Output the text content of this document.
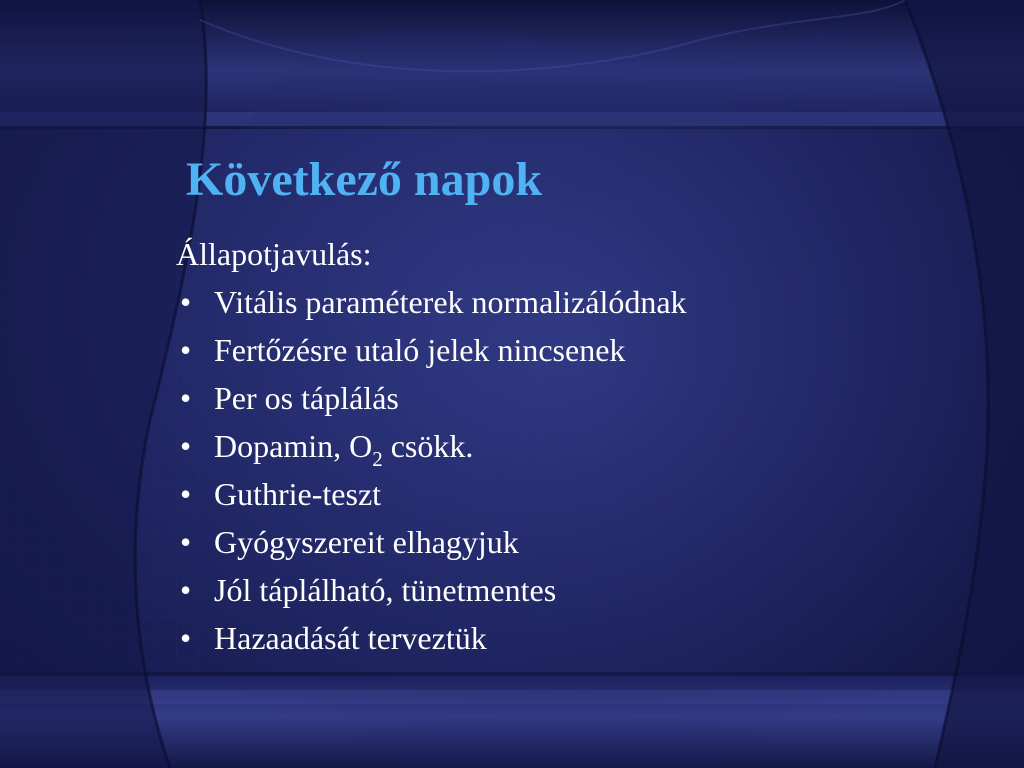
Következő napok
Állapotjavulás:
• Vitális paraméterek normalizálódnak
• Fertőzésre utaló jelek nincsenek
• Per os táplálás
• Dopamin, $O_2$ csökk.
• Guthrie-teszt
• Gyógyszereit elhagyjuk
• Jól táplálható, tünetmentes
• Hazaadását terveztük
